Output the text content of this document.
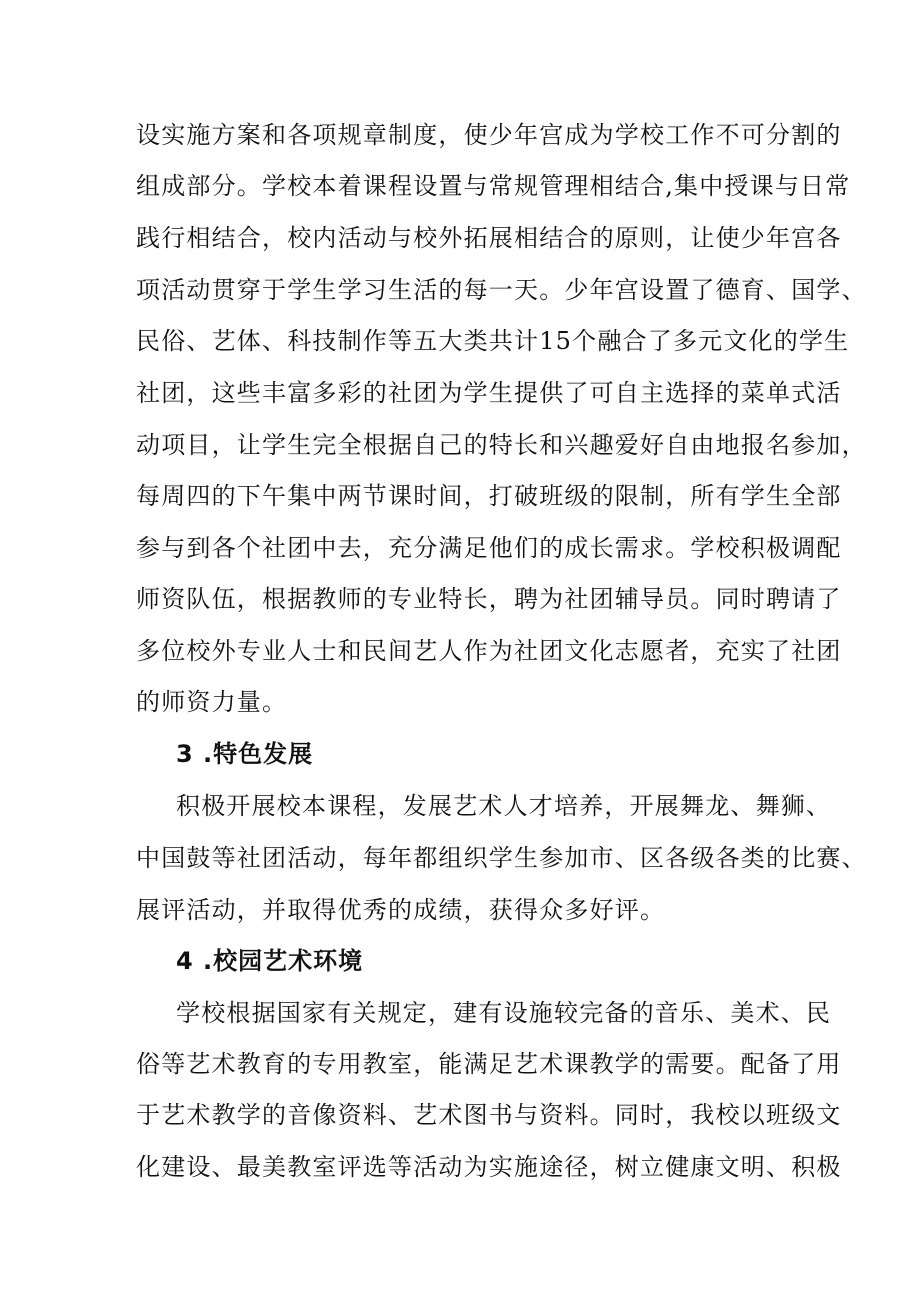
设实施方案和各项规章制度，使少年宫成为学校工作不可分割的
组成部分。学校本着课程设置与常规管理相结合,集中授课与日常
践行相结合，校内活动与校外拓展相结合的原则，让使少年宫各
项活动贯穿于学生学习生活的每一天。少年宫设置了德育、国学、
民俗、艺体、科技制作等五大类共计15个融合了多元文化的学生
社团，这些丰富多彩的社团为学生提供了可自主选择的菜单式活
动项目，让学生完全根据自己的特长和兴趣爱好自由地报名参加，
每周四的下午集中两节课时间，打破班级的限制，所有学生全部
参与到各个社团中去，充分满足他们的成长需求。学校积极调配
师资队伍，根据教师的专业特长，聘为社团辅导员。同时聘请了
多位校外专业人士和民间艺人作为社团文化志愿者，充实了社团
的师资力量。
3 .特色发展
积极开展校本课程，发展艺术人才培养，开展舞龙、舞狮、
中国鼓等社团活动，每年都组织学生参加市、区各级各类的比赛、
展评活动，并取得优秀的成绩，获得众多好评。
4 .校园艺术环境
学校根据国家有关规定，建有设施较完备的音乐、美术、民
俗等艺术教育的专用教室，能满足艺术课教学的需要。配备了用
于艺术教学的音像资料、艺术图书与资料。同时，我校以班级文
化建设、最美教室评选等活动为实施途径，树立健康文明、积极
